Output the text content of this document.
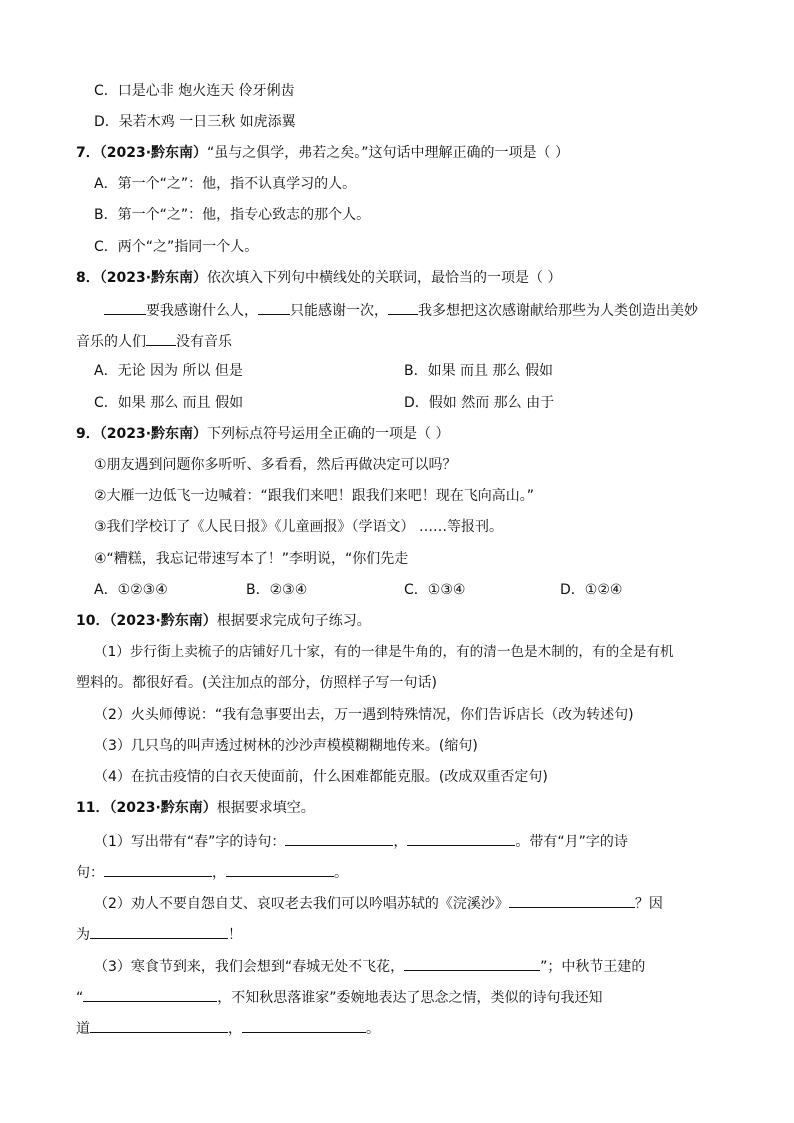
C．口是心非 炮火连天 伶牙俐齿
D．呆若木鸡 一日三秋 如虎添翼
7．（2023·黔东南）“虽与之俱学，弗若之矣。”这句话中理解正确的一项是（ ）
A．第一个“之”：他，指不认真学习的人。
B．第一个“之”：他，指专心致志的那个人。
C．两个“之”指同一个人。
8．（2023·黔东南）依次填入下列句中横线处的关联词，最恰当的一项是（ ）
要我感谢什么人， 只能感谢一次， 我多想把这次感谢献给那些为人类创造出美妙
音乐的人们 没有音乐
A．无论 因为 所以 但是	B．如果 而且 那么 假如
C．如果 那么 而且 假如	D．假如 然而 那么 由于
9．（2023·黔东南）下列标点符号运用全正确的一项是（ ）
①朋友遇到问题你多听听、多看看，然后再做决定可以吗？
②大雁一边低飞一边喊着：“跟我们来吧！跟我们来吧！现在飞向高山。”
③我们学校订了《人民日报》《儿童画报》（学语文） ……等报刊。
④“糟糕，我忘记带速写本了！”李明说，“你们先走
A．①②③④	B．②③④	C．①③④	D．①②④
10．（2023·黔东南）根据要求完成句子练习。
（1）步行街上卖梳子的店铺好几十家，有的一律是牛角的，有的清一色是木制的，有的全是有机
塑料的。都很好看。(关注加点的部分，仿照样子写一句话)
（2）火头师傅说：“我有急事要出去，万一遇到特殊情况，你们告诉店长（改为转述句)
（3）几只鸟的叫声透过树林的沙沙声模模糊糊地传来。(缩句)
（4）在抗击疫情的白衣天使面前，什么困难都能克服。(改成双重否定句)
11．（2023·黔东南）根据要求填空。
（1）写出带有“春”字的诗句：	，	。带有“月”字的诗
句：	，	。
（2）劝人不要自怨自艾、哀叹老去我们可以吟唱苏轼的《浣溪沙》	？因
为	！
（3）寒食节到来，我们会想到“春城无处不飞花，	”；中秋节王建的
“	，不知秋思落谁家”委婉地表达了思念之情，类似的诗句我还知
道	，	。
